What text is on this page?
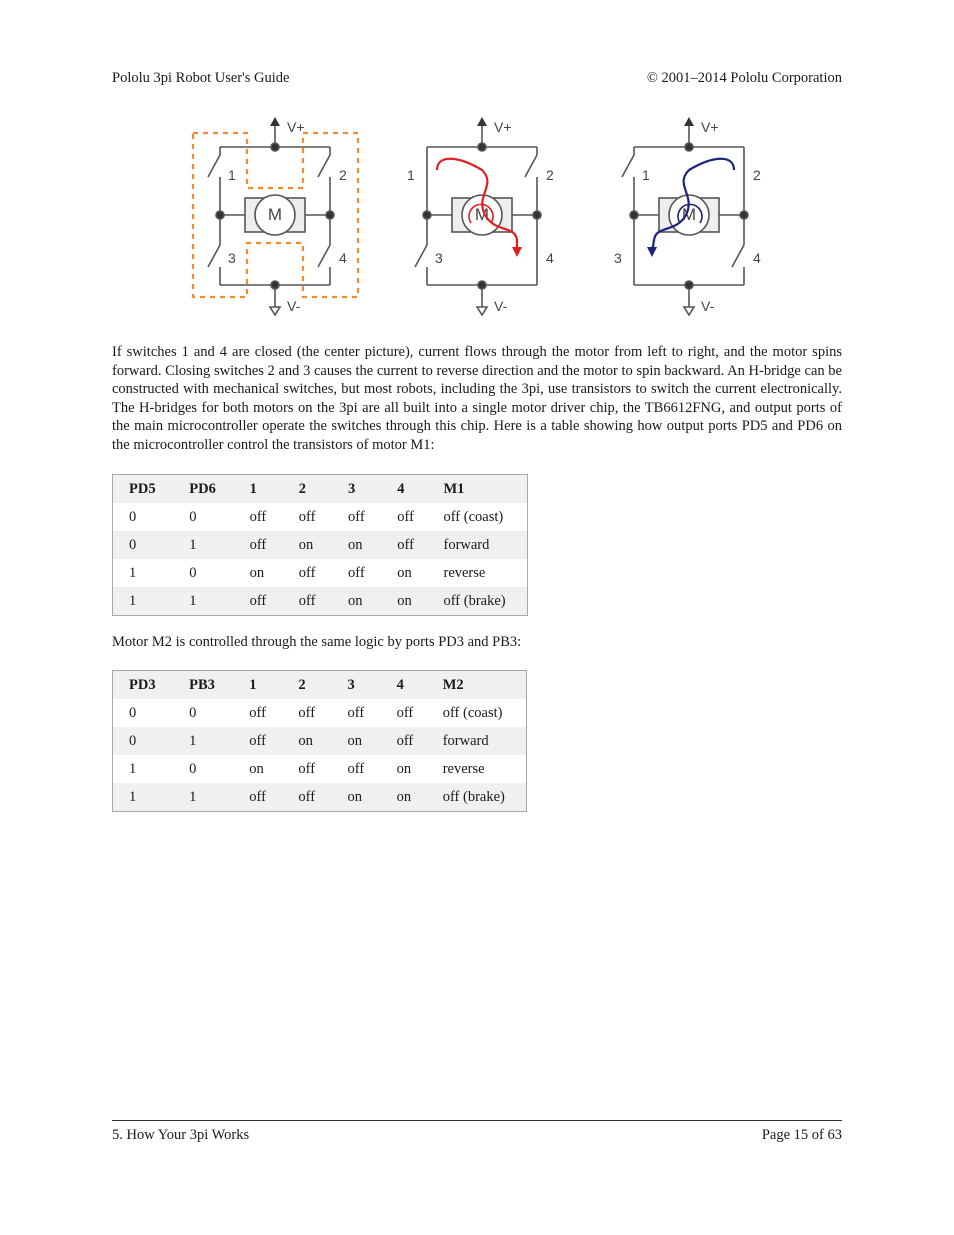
Pololu 3pi Robot User's Guide	© 2001–2014 Pololu Corporation
M
V+
V-
1	2
3	4
M
V+
V-
1	2
3	4
M
V+
V-
1	2
3	4

If switches 1 and 4 are closed (the center picture), current flows through the motor from left to right, and the motor spins forward. Closing switches 2 and 3 causes the current to reverse direction and the motor to spin backward. An H-bridge can be constructed with mechanical switches, but most robots, including the 3pi, use transistors to switch the current electronically. The H-bridges for both motors on the 3pi are all built into a single motor driver chip, the TB6612FNG, and output ports of the main microcontroller operate the switches through this chip. Here is a table showing how output ports PD5 and PD6 on the microcontroller control the transistors of motor M1:

PD5	PD6	1	2	3	4	M1
0	0	off	off	off	off	off (coast)
0	1	off	on	on	off	forward
1	0	on	off	off	on	reverse
1	1	off	off	on	on	off (brake)

Motor M2 is controlled through the same logic by ports PD3 and PB3:

PD3	PB3	1	2	3	4	M2
0	0	off	off	off	off	off (coast)
0	1	off	on	on	off	forward
1	0	on	off	off	on	reverse
1	1	off	off	on	on	off (brake)
5. How Your 3pi Works	Page 15 of 63
